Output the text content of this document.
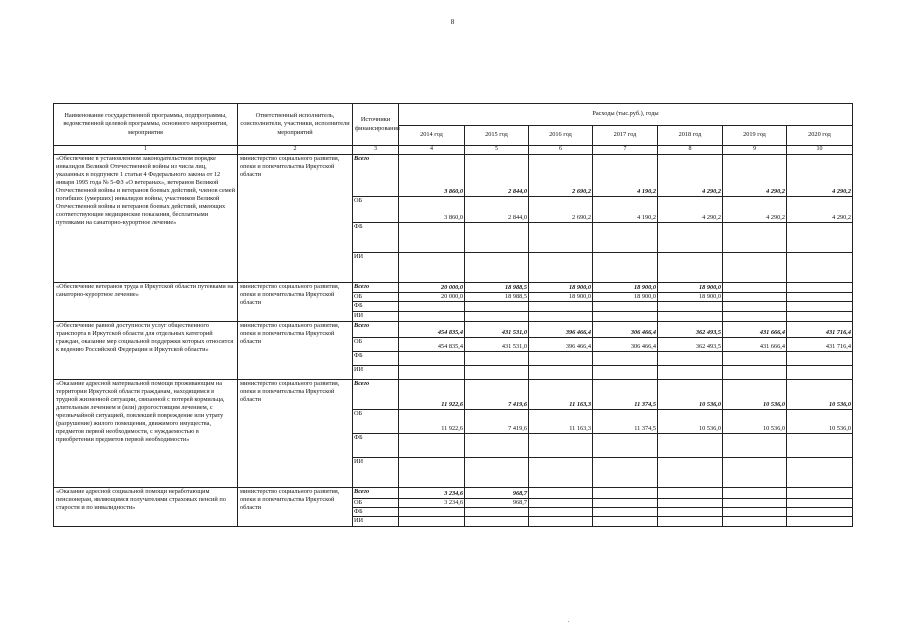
8
Наименование государственной программы, подпрограммы, ведомственной целевой программы, основного мероприятия, мероприятия	Ответственный исполнитель, соисполнители, участники, исполнители мероприятий	Источники финансирования	Расходы (тыс.руб.), годы						
			2014 год	2015 год	2016 год	2017 год	2018 год	2019 год	2020 год
1	2	3	4	5	6	7	8	9	10
«Обеспечение в установленном законодательством порядке инвалидов Великой Отечественной войны из числа лиц, указанных в подпункте 1 статьи 4 Федерального закона от 12 января 1995 года № 5-ФЗ «О ветеранах», ветеранов Великой Отечественной войны и ветеранов боевых действий, членов семей погибших (умерших) инвалидов войны, участников Великой Отечественной войны и ветеранов боевых действий, имеющих соответствующие медицинские показания, бесплатными путевками на санаторно-курортное лечение»	министерство социального развития, опеки и попечительства Иркутской области	Всего	3 860,0	2 844,0	2 690,2	4 190,2	4 290,2	4 290,2	4 290,2
		ОБ	3 860,0	2 844,0	2 690,2	4 190,2	4 290,2	4 290,2	4 290,2
		ФБ							
		ИИ							
«Обеспечение ветеранов труда в Иркутской области путевками на санаторно-курортное лечение»	министерство социального развития, опеки и попечительства Иркутской области	Всего	20 000,0	18 988,5	18 900,0	18 900,0	18 900,0		
		ОБ	20 000,0	18 988,5	18 900,0	18 900,0	18 900,0		
		ФБ							
		ИИ							
«Обеспечение равной доступности услуг общественного транспорта в Иркутской области для отдельных категорий граждан, оказание мер социальной поддержки которых относится к ведению Российской Федерации и Иркутской области»	министерство социального развития, опеки и попечительства Иркутской области	Всего	454 835,4	431 531,0	396 466,4	306 466,4	362 493,5	431 666,4	431 716,4
		ОБ	454 835,4	431 531,0	396 466,4	306 466,4	362 493,5	431 666,4	431 716,4
		ФБ							
		ИИ							
«Оказание адресной материальной помощи проживающим на территории Иркутской области гражданам, находящимся в трудной жизненной ситуации, связанной с потерей кормильца, длительным лечением и (или) дорогостоящим лечением, с чрезвычайной ситуацией, повлекшей повреждение или утрату (разрушение) жилого помещения, движимого имущества, предметов первой необходимости, с нуждаемостью в приобретении предметов первой необходимости»	министерство социального развития, опеки и попечительства Иркутской области	Всего	11 922,6	7 419,6	11 163,3	11 374,5	10 536,0	10 536,0	10 536,0
		ОБ	11 922,6	7 419,6	11 163,3	11 374,5	10 536,0	10 536,0	10 536,0
		ФБ							
		ИИ							
«Оказание адресной социальной помощи неработающим пенсионерам, являющимся получателями страховых пенсий по старости и по инвалидности»	министерство социального развития, опеки и попечительства Иркутской области	Всего	3 234,6	968,7					
		ОБ	3 234,6	968,7					
		ФБ							
		ИИ							
.
